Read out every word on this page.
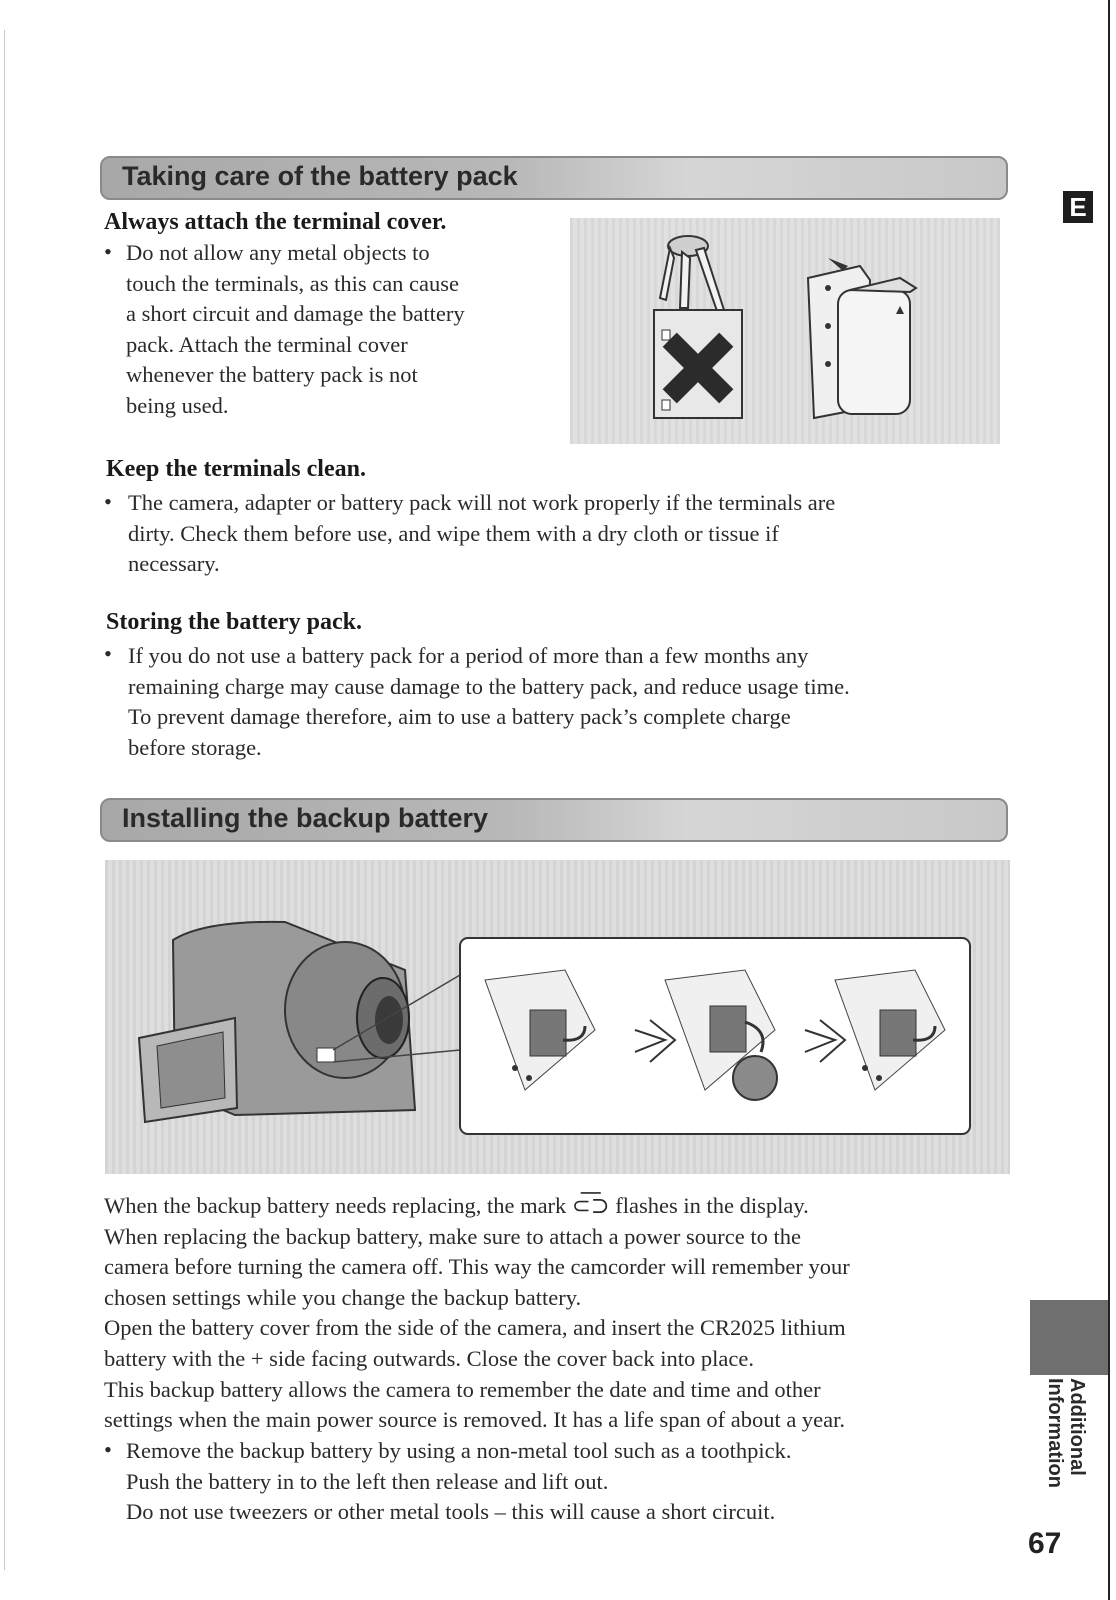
Taking care of the battery pack
E
Always attach the terminal cover.
• Do not allow any metal objects to
touch the terminals, as this can cause
a short circuit and damage the battery
pack. Attach the terminal cover
whenever the battery pack is not
being used.
Keep the terminals clean.
• The camera, adapter or battery pack will not work properly if the terminals are
dirty. Check them before use, and wipe them with a dry cloth or tissue if
necessary.
Storing the battery pack.
• If you do not use a battery pack for a period of more than a few months any
remaining charge may cause damage to the battery pack, and reduce usage time.
To prevent damage therefore, aim to use a battery pack’s complete charge
before storage.
Installing the backup battery
When the backup battery needs replacing, the mark ⊂͞⊃ flashes in the display.
When replacing the backup battery, make sure to attach a power source to the
camera before turning the camera off. This way the camcorder will remember your
chosen settings while you change the backup battery.
Open the battery cover from the side of the camera, and insert the CR2025 lithium
battery with the + side facing outwards. Close the cover back into place.
This backup battery allows the camera to remember the date and time and other
settings when the main power source is removed. It has a life span of about a year.
• Remove the backup battery by using a non-metal tool such as a toothpick.
Push the battery in to the left then release and lift out.
Do not use tweezers or other metal tools – this will cause a short circuit.
Additional
Information
67
